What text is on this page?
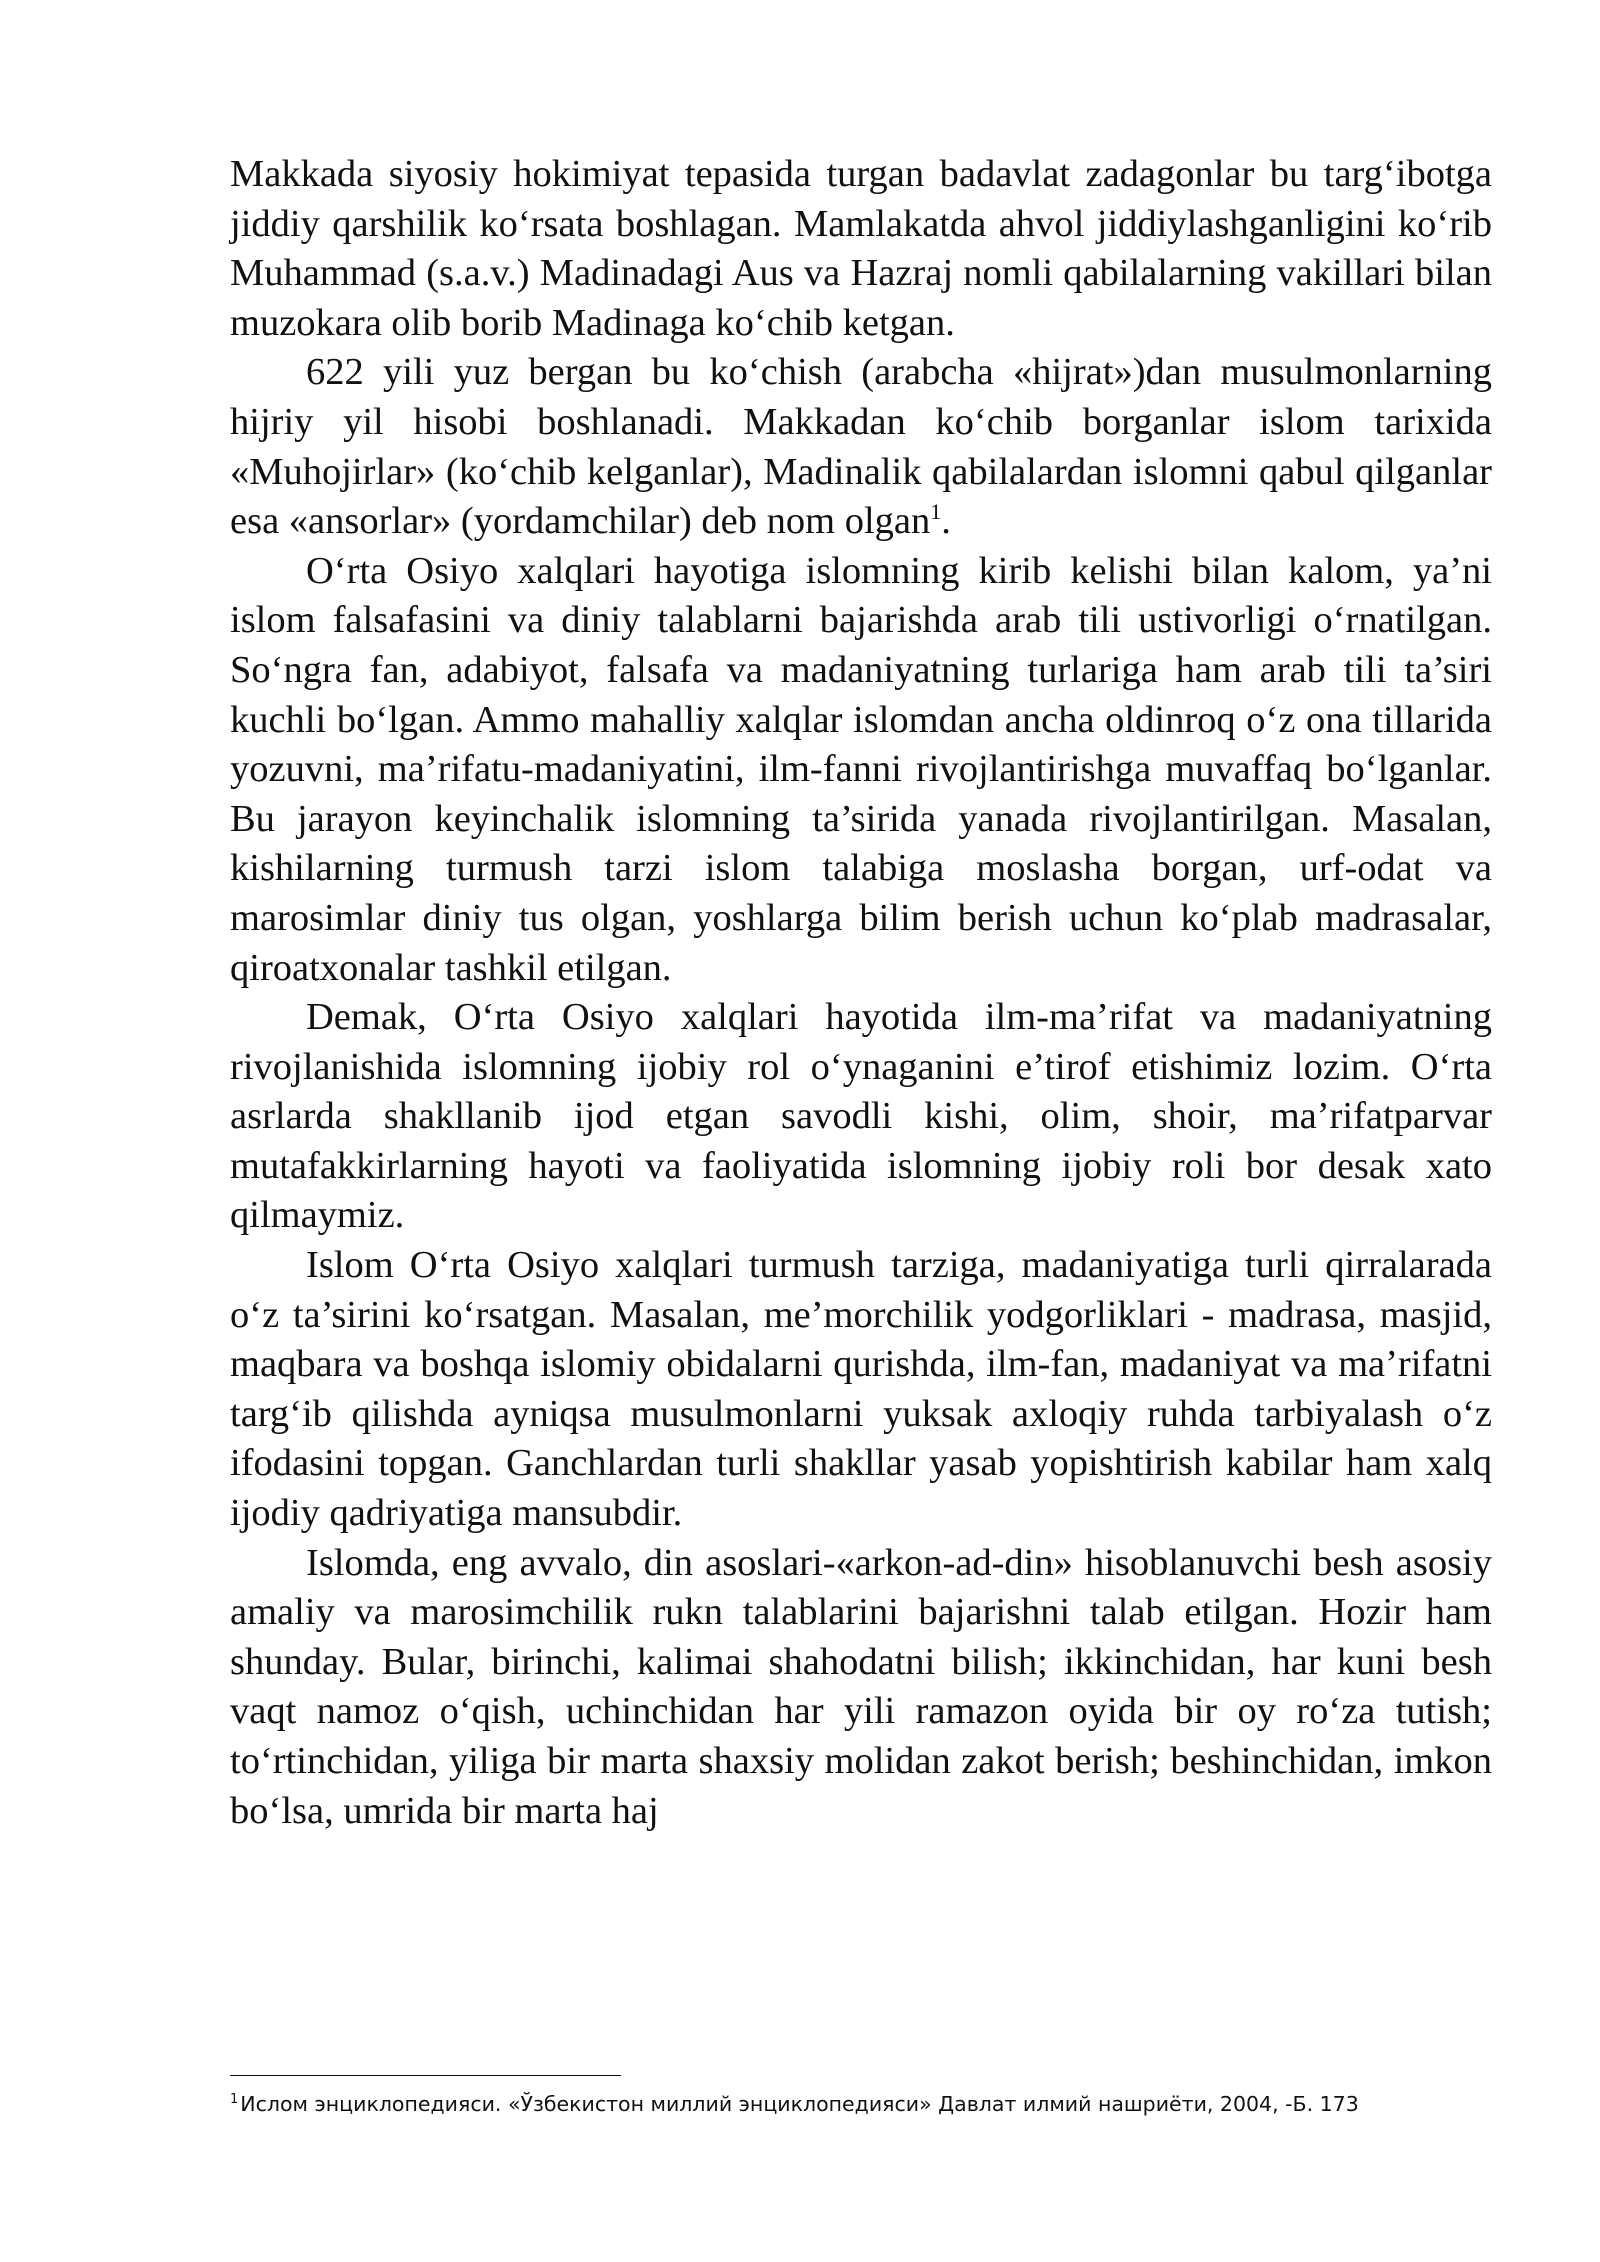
Makkada siyosiy hokimiyat tepasida turgan badavlat zadagonlar bu targ‘ibotga jiddiy qarshilik ko‘rsata boshlagan. Mamlakatda ahvol jiddiylashganligini ko‘rib Muhammad (s.a.v.) Madinadagi Aus va Hazraj nomli qabilalarning vakillari bilan muzokara olib borib Madinaga ko‘chib ketgan.

622 yili yuz bergan bu ko‘chish (arabcha «hijrat»)dan musulmonlarning hijriy yil hisobi boshlanadi. Makkadan ko‘chib borganlar islom tarixida «Muhojirlar» (ko‘chib kelganlar), Madinalik qabilalardan islomni qabul qilganlar esa «ansorlar» (yordamchilar) deb nom olgan$^1$.

O‘rta Osiyo xalqlari hayotiga islomning kirib kelishi bilan kalom, ya’ni islom falsafasini va diniy talablarni bajarishda arab tili ustivorligi o‘rnatilgan. So‘ngra fan, adabiyot, falsafa va madaniyatning turlariga ham arab tili ta’siri kuchli bo‘lgan. Ammo mahalliy xalqlar islomdan ancha oldinroq o‘z ona tillarida yozuvni, ma’rifatu-madaniyatini, ilm-fanni rivojlantirishga muvaffaq bo‘lganlar. Bu jarayon keyinchalik islomning ta’sirida yanada rivojlantirilgan. Masalan, kishilarning turmush tarzi islom talabiga moslasha borgan, urf-odat va marosimlar diniy tus olgan, yoshlarga bilim berish uchun ko‘plab madrasalar, qiroatxonalar tashkil etilgan.

Demak, O‘rta Osiyo xalqlari hayotida ilm-ma’rifat va madaniyatning rivojlanishida islomning ijobiy rol o‘ynaganini e’tirof etishimiz lozim. O‘rta asrlarda shakllanib ijod etgan savodli kishi, olim, shoir, ma’rifatparvar mutafakkirlarning hayoti va faoliyatida islomning ijobiy roli bor desak xato qilmaymiz.

Islom O‘rta Osiyo xalqlari turmush tarziga, madaniyatiga turli qirralarada o‘z ta’sirini ko‘rsatgan. Masalan, me’morchilik yodgorliklari - madrasa, masjid, maqbara va boshqa islomiy obidalarni qurishda, ilm-fan, madaniyat va ma’rifatni targ‘ib qilishda ayniqsa musulmonlarni yuksak axloqiy ruhda tarbiyalash o‘z ifodasini topgan. Ganchlardan turli shakllar yasab yopishtirish kabilar ham xalq ijodiy qadriyatiga mansubdir.

Islomda, eng avvalo, din asoslari-«arkon-ad-din» hisoblanuvchi besh asosiy amaliy va marosimchilik rukn talablarini bajarishni talab etilgan. Hozir ham shunday. Bular, birinchi, kalimai shahodatni bilish; ikkinchidan, har kuni besh vaqt namoz o‘qish, uchinchidan har yili ramazon oyida bir oy ro‘za tutish; to‘rtinchidan, yiliga bir marta shaxsiy molidan zakot berish; beshinchidan, imkon bo‘lsa, umrida bir marta haj

$^1$Ислом энциклопедияси. «Ўзбекистон миллий энциклопедияси» Давлат илмий нашриёти, 2004, -Б. 173
